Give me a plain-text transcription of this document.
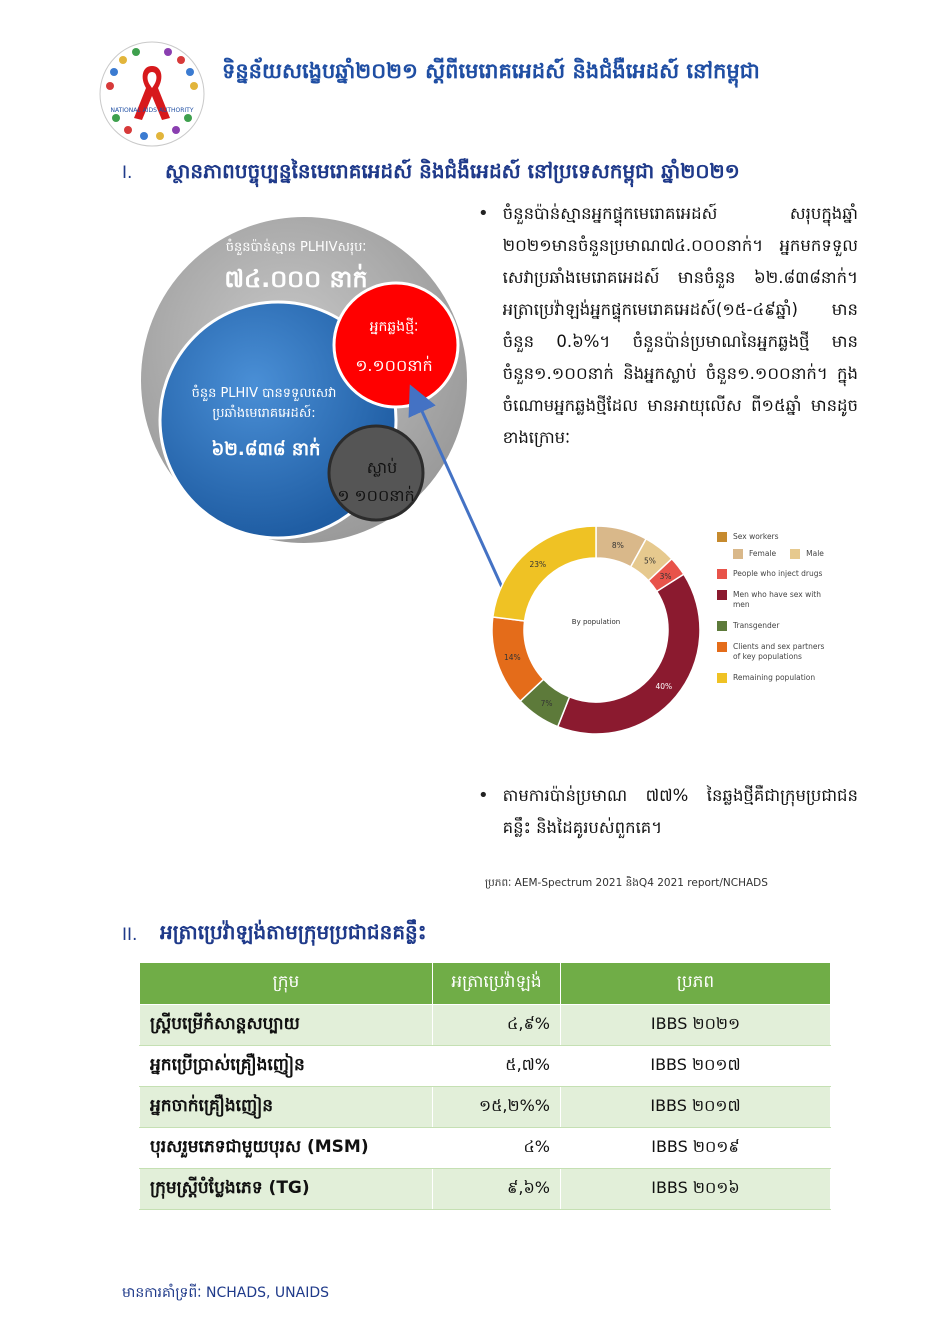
NATIONAL AIDS AUTHORITY
ទិន្នន័យសង្ខេបឆ្នាំ២០២១ ស្តីពីមេរោគអេដស៍ និងជំងឺអេដស៍ នៅកម្ពុជា
I. ស្ថានភាពបច្ចុប្បន្ននៃមេរោគអេដស៍ និងជំងឺអេដស៍ នៅប្រទេសកម្ពុជា ឆ្នាំ២០២១
ចំនួនប៉ាន់ស្មាន PLHIVសរុបៈ
៧៤.០០០ នាក់
ចំនួន PLHIV បានទទួលសេវា
ប្រឆាំងមេរោគអេដស៍:
៦២.៨៣៨ នាក់
អ្នកឆ្លងថ្មីៈ
១.១០០នាក់
ស្លាប់
១ ១០០នាក់
• ចំនួនប៉ាន់ស្មានអ្នកផ្ទុកមេរោគអេដស៍ សរុបក្នុងឆ្នាំ ២០២១មានចំនួនប្រមាណ៧៤.០០០នាក់។ អ្នកមកទទួលសេវាប្រឆាំងមេរោគអេដស៍ មានចំនួន ៦២.៨៣៨នាក់។ អត្រាប្រេវ៉ាឡង់អ្នកផ្ទុកមេរោគអេដស៍(១៥-៤៩ឆ្នាំ) មានចំនួន 0.៦%។ ចំនួនប៉ាន់ប្រមាណនៃអ្នកឆ្លងថ្មី មានចំនួន១.១០០នាក់ និងអ្នកស្លាប់ ចំនួន១.១០០នាក់។ ក្នុងចំណោមអ្នកឆ្លងថ្មីដែល មានអាយុលើស ពី១៥ឆ្នាំ មានដូចខាងក្រោមៈ
8%
5%
3%
40%
7%
14%
23%
By population
Sex workers
Female	Male
People who inject drugs
Men who have sex with men
Transgender
Clients and sex partners of key populations
Remaining population
• តាមការប៉ាន់ប្រមាណ ៧៧% នៃឆ្លងថ្មីគឺជាក្រុមប្រជាជនគន្លឹះ និងដៃគូរបស់ពួកគេ។
ប្រភពៈ AEM-Spectrum 2021 និងQ4 2021 report/NCHADS
II. អត្រាប្រេវ៉ាឡង់តាមក្រុមប្រជាជនគន្លឹះ
ក្រុម	អត្រាប្រេវ៉ាឡង់	ប្រភព
ស្ត្រីបម្រើកំសាន្តសប្បាយ	៤,៩%	IBBS ២០២១
អ្នកប្រើប្រាស់គ្រឿងញៀន	៥,៧%	IBBS ២០១៧
អ្នកចាក់គ្រឿងញៀន	១៥,២%%	IBBS ២០១៧
បុរសរួមភេទជាមួយបុរស (MSM)	៤%	IBBS ២០១៩
ក្រុមស្ត្រីបំប្លែងភេទ (TG)	៩,៦%	IBBS ២០១៦
មានការគាំទ្រពីៈ NCHADS, UNAIDS
